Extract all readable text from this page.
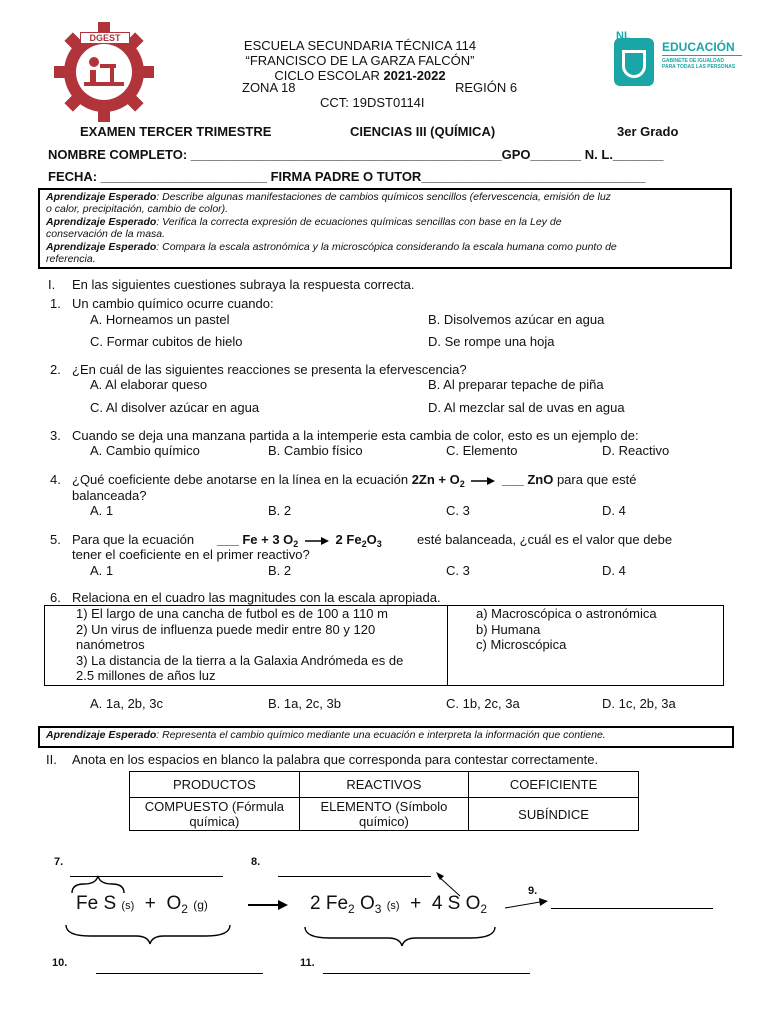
DGEST	NL
EDUCACIÓN
GABINETE DE IGUALDAD
PARA TODAS LAS PERSONAS
ESCUELA SECUNDARIA TÉCNICA 114
“FRANCISCO DE LA GARZA FALCÓN”
CICLO ESCOLAR 2021-2022
ZONA 18	REGIÓN 6
CCT: 19DST0114I
EXAMEN TERCER TRIMESTRE	CIENCIAS III (QUÍMICA)	3er Grado
NOMBRE COMPLETO: ___________________________________________GPO_______ N. L._______
FECHA: _______________________ FIRMA PADRE O TUTOR_______________________________
Aprendizaje Esperado: Describe algunas manifestaciones de cambios químicos sencillos (efervescencia, emisión de luz
o calor, precipitación, cambio de color).
Aprendizaje Esperado: Verifica la correcta expresión de ecuaciones químicas sencillas con base en la Ley de
conservación de la masa.
Aprendizaje Esperado: Compara la escala astronómica y la microscópica considerando la escala humana como punto de
referencia.
I. En las siguientes cuestiones subraya la respuesta correcta.
1. Un cambio químico ocurre cuando:
A. Horneamos un pastel	B. Disolvemos azúcar en agua
C. Formar cubitos de hielo	D. Se rompe una hoja
2. ¿En cuál de las siguientes reacciones se presenta la efervescencia?
A. Al elaborar queso	B. Al preparar tepache de piña
C. Al disolver azúcar en agua	D. Al mezclar sal de uvas en agua
3. Cuando se deja una manzana partida a la intemperie esta cambia de color, esto es un ejemplo de:
A. Cambio químico	B. Cambio físico	C. Elemento	D. Reactivo
4. ¿Qué coeficiente debe anotarse en la línea en la ecuación $2Zn + O_2$ → ___ ZnO para que esté
balanceada?
A. 1	B. 2	C. 3	D. 4
5. Para que la ecuación ___ Fe + 3 $O_2 \to 2$ $Fe_2O_3$	esté balanceada, ¿cuál es el valor que debe
tener el coeficiente en el primer reactivo?
A. 1	B. 2	C. 3	D. 4
6. Relaciona en el cuadro las magnitudes con la escala apropiada.
1) El largo de una cancha de futbol es de 100 a 110 m
2) Un virus de influenza puede medir entre 80 y 120
nanómetros
3) La distancia de la tierra a la Galaxia Andrómeda es de
2.5 millones de años luz
a) Macroscópica o astronómica
b) Humana
c) Microscópica
A. 1a, 2b, 3c	B. 1a, 2c, 3b	C. 1b, 2c, 3a	D. 1c, 2b, 3a
Aprendizaje Esperado: Representa el cambio químico mediante una ecuación e interpreta la información que contiene.
II. Anota en los espacios en blanco la palabra que corresponda para contestar correctamente.
PRODUCTOS	REACTIVOS	COEFICIENTE
COMPUESTO (Fórmula química)	ELEMENTO (Símbolo químico)	SUBÍNDICE
7.	8.
9.
10.	11.
Fe S $(s) + O_2$ (g)	2 $Fe_2$ $O_3$ (s) + 4 S $O_2$
